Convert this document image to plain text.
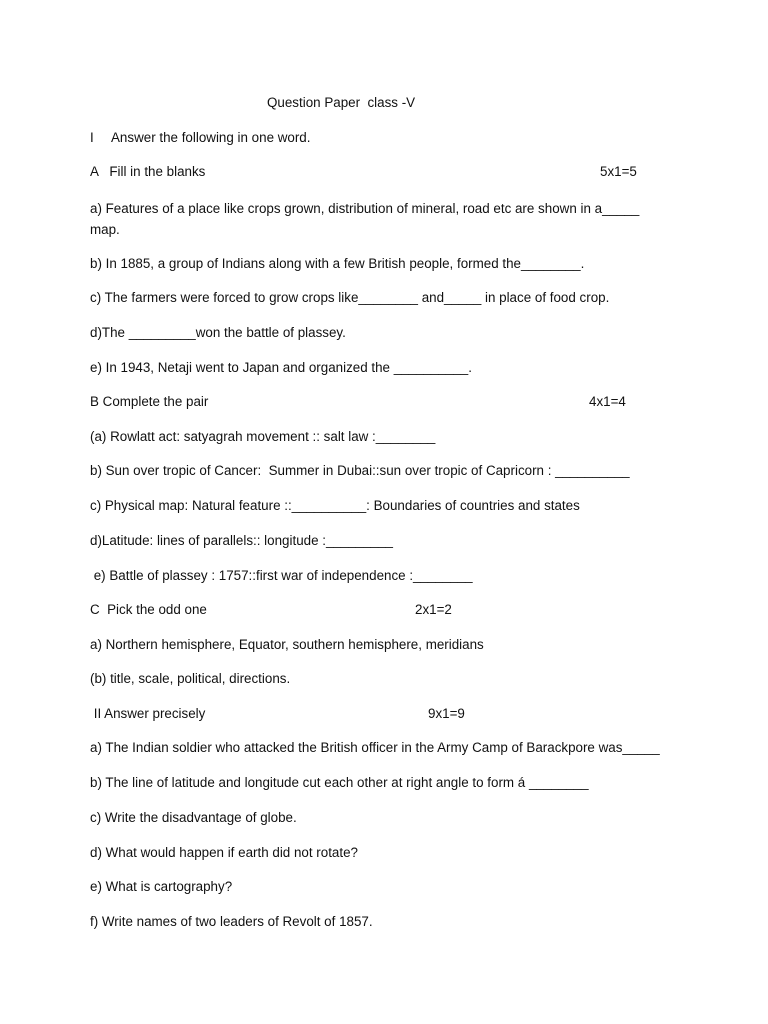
Question Paper  class -V
I Answer the following in one word.
A   Fill in the blanks	5x1=5
a) Features of a place like crops grown, distribution of mineral, road etc are shown in a_____ map.
b) In 1885, a group of Indians along with a few British people, formed the________.
c) The farmers were forced to grow crops like________ and_____ in place of food crop.
d)The _________won the battle of plassey.
e) In 1943, Netaji went to Japan and organized the __________.
B Complete the pair	4x1=4
(a) Rowlatt act: satyagrah movement :: salt law :________
b) Sun over tropic of Cancer:  Summer in Dubai::sun over tropic of Capricorn : __________
c) Physical map: Natural feature ::__________: Boundaries of countries and states
d)Latitude: lines of parallels:: longitude :_________
e) Battle of plassey : 1757::first war of independence :________
C  Pick the odd one	2x1=2
a) Northern hemisphere, Equator, southern hemisphere, meridians
(b) title, scale, political, directions.
II Answer precisely	9x1=9
a) The Indian soldier who attacked the British officer in the Army Camp of Barackpore was_____
b) The line of latitude and longitude cut each other at right angle to form á ________
c) Write the disadvantage of globe.
d) What would happen if earth did not rotate?
e) What is cartography?
f) Write names of two leaders of Revolt of 1857.
